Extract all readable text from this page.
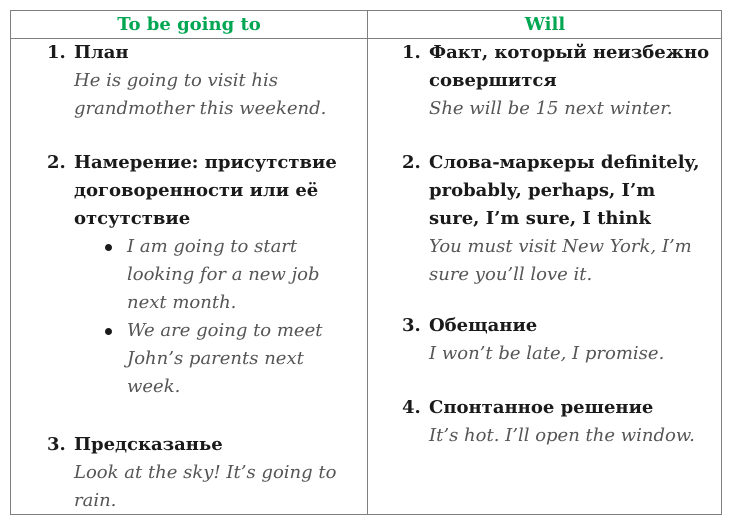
To be going to	Will
1. План
He is going to visit his
grandmother this weekend.
2. Намерение: присутствие
договоренности или её
отсутствие
I am going to start
looking for a new job
next month.
We are going to meet
John’s parents next
week.
3. Предсказанье
Look at the sky! It’s going to
rain.
1. Факт, который неизбежно
совершится
She will be 15 next winter.
2. Слова-маркеры definitely,
probably, perhaps, I’m
sure, I’m sure, I think
You must visit New York, I’m
sure you’ll love it.
3. Обещание
I won’t be late, I promise.
4. Спонтанное решение
It’s hot. I’ll open the window.
